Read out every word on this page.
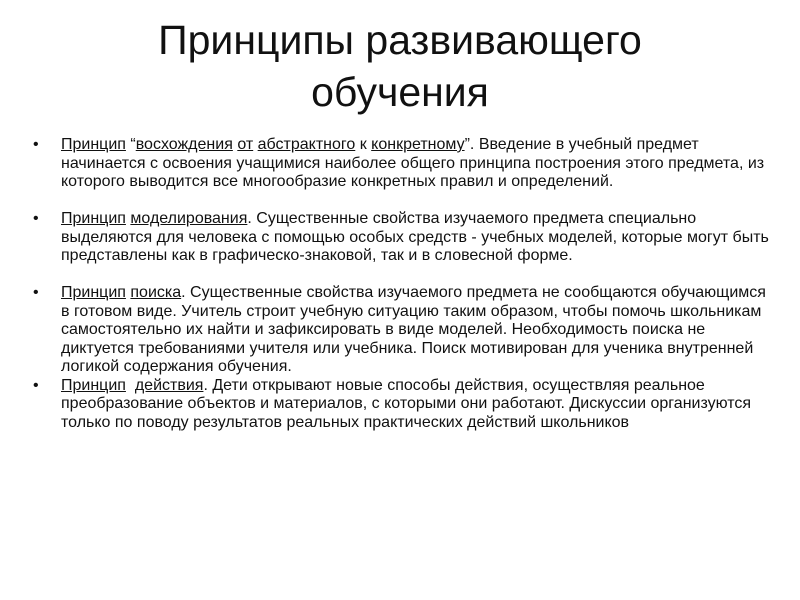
Принципы развивающего
обучения
•	Принцип “восхождения от абстрактного к конкретному”. Введение в учебный предмет начинается с освоения учащимися наиболее общего принципа построения этого предмета, из которого выводится все многообразие конкретных правил и определений.
•	Принцип моделирования. Существенные свойства изучаемого предмета специально выделяются для человека с помощью особых средств - учебных моделей, которые могут быть представлены как в графическо-знаковой, так и в словесной форме.
•	Принцип поиска. Существенные свойства изучаемого предмета не сообщаются обучающимся в готовом виде. Учитель строит учебную ситуацию таким образом, чтобы помочь школьникам самостоятельно их найти и зафиксировать в виде моделей. Необходимость поиска не диктуется требованиями учителя или учебника. Поиск мотивирован для ученика внутренней логикой содержания обучения.
•	Принцип действия. Дети открывают новые способы действия, осуществляя реальное преобразование объектов и материалов, с которыми они работают. Дискуссии организуются только по поводу результатов реальных практических действий школьников
